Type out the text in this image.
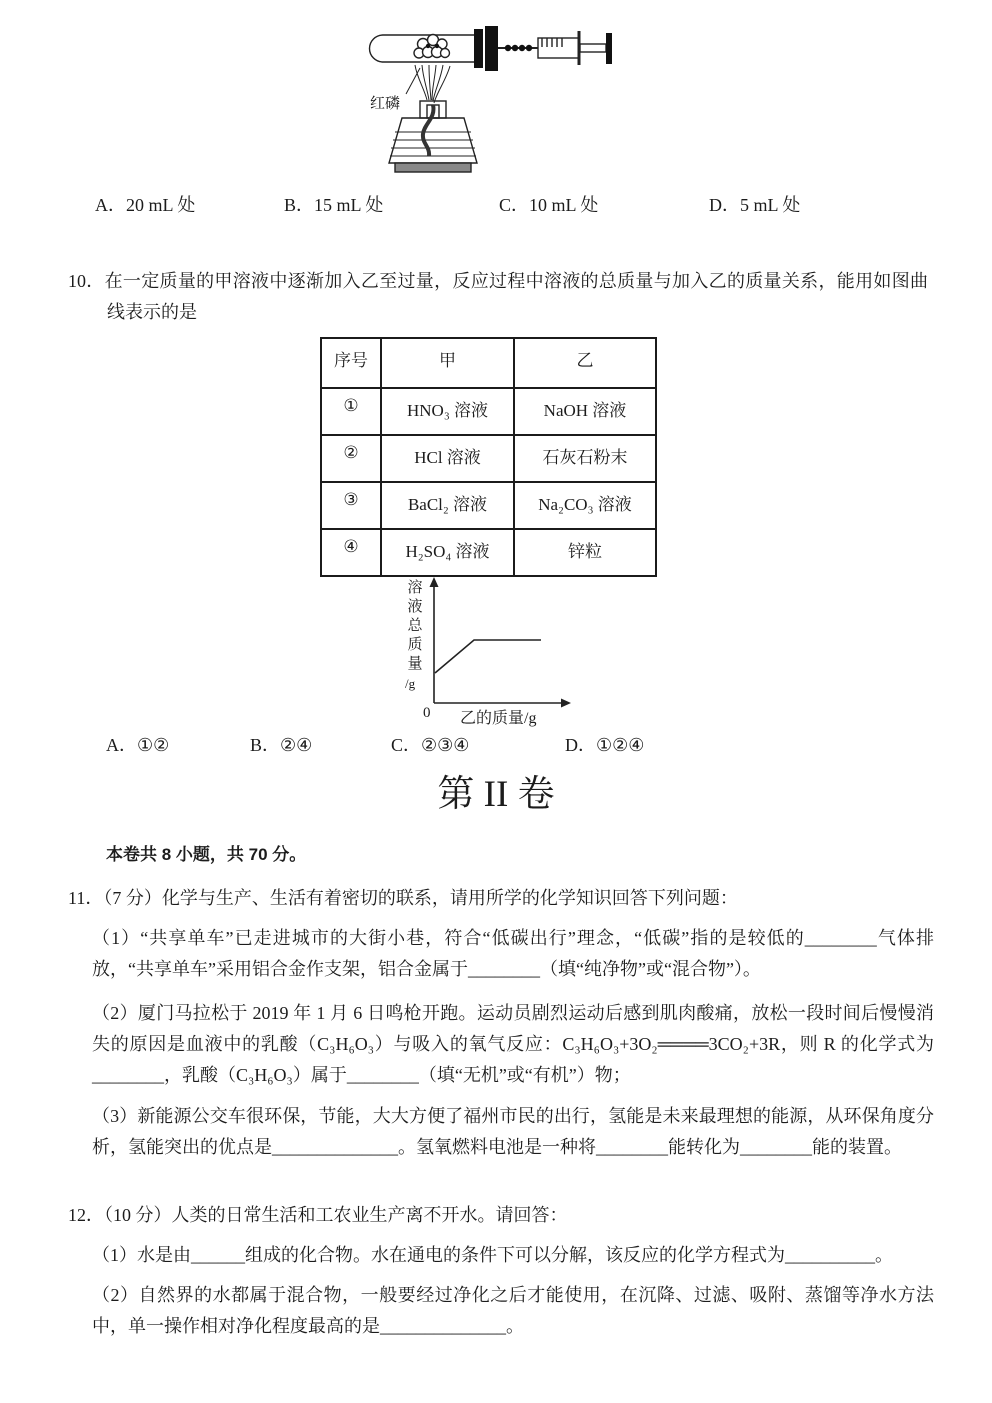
红磷
A．20 mL 处	B．15 mL 处	C．10 mL 处	D．5 mL 处

10．在一定质量的甲溶液中逐渐加入乙至过量，反应过程中溶液的总质量与加入乙的质量关系，能用如图曲线表示的是

序号	甲	乙
①	HNO₃ 溶液	NaOH 溶液
②	HCl 溶液	石灰石粉末
③	BaCl₂ 溶液	Na₂CO₃ 溶液
④	H₂SO₄ 溶液	锌粒
溶液总质量
/g
0 乙的质量/g
A．①②	B．②④	C．②③④	D．①②④
第 II 卷

本卷共 8 小题，共 70 分。

11．（7 分）化学与生产、生活有着密切的联系，请用所学的化学知识回答下列问题：

（1）“共享单车”已走进城市的大街小巷，符合“低碳出行”理念，“低碳”指的是较低的________气体排放，“共享单车”采用铝合金作支架，铝合金属于________（填“纯净物”或“混合物”）。

（2）厦门马拉松于 2019 年 1 月 6 日鸣枪开跑。运动员剧烈运动后感到肌肉酸痛，放松一段时间后慢慢消失的原因是血液中的乳酸（C₃H₆O₃）与吸入的氧气反应：C₃H₆O₃+3O₂════3CO₂+3R，则 R 的化学式为________，乳酸（C₃H₆O₃）属于________（填“无机”或“有机”）物；

（3）新能源公交车很环保，节能，大大方便了福州市民的出行，氢能是未来最理想的能源，从环保角度分析，氢能突出的优点是______________。氢氧燃料电池是一种将________能转化为________能的装置。

12．（10 分）人类的日常生活和工农业生产离不开水。请回答：

（1）水是由______组成的化合物。水在通电的条件下可以分解，该反应的化学方程式为__________。

（2）自然界的水都属于混合物，一般要经过净化之后才能使用，在沉降、过滤、吸附、蒸馏等净水方法中，单一操作相对净化程度最高的是______________。
